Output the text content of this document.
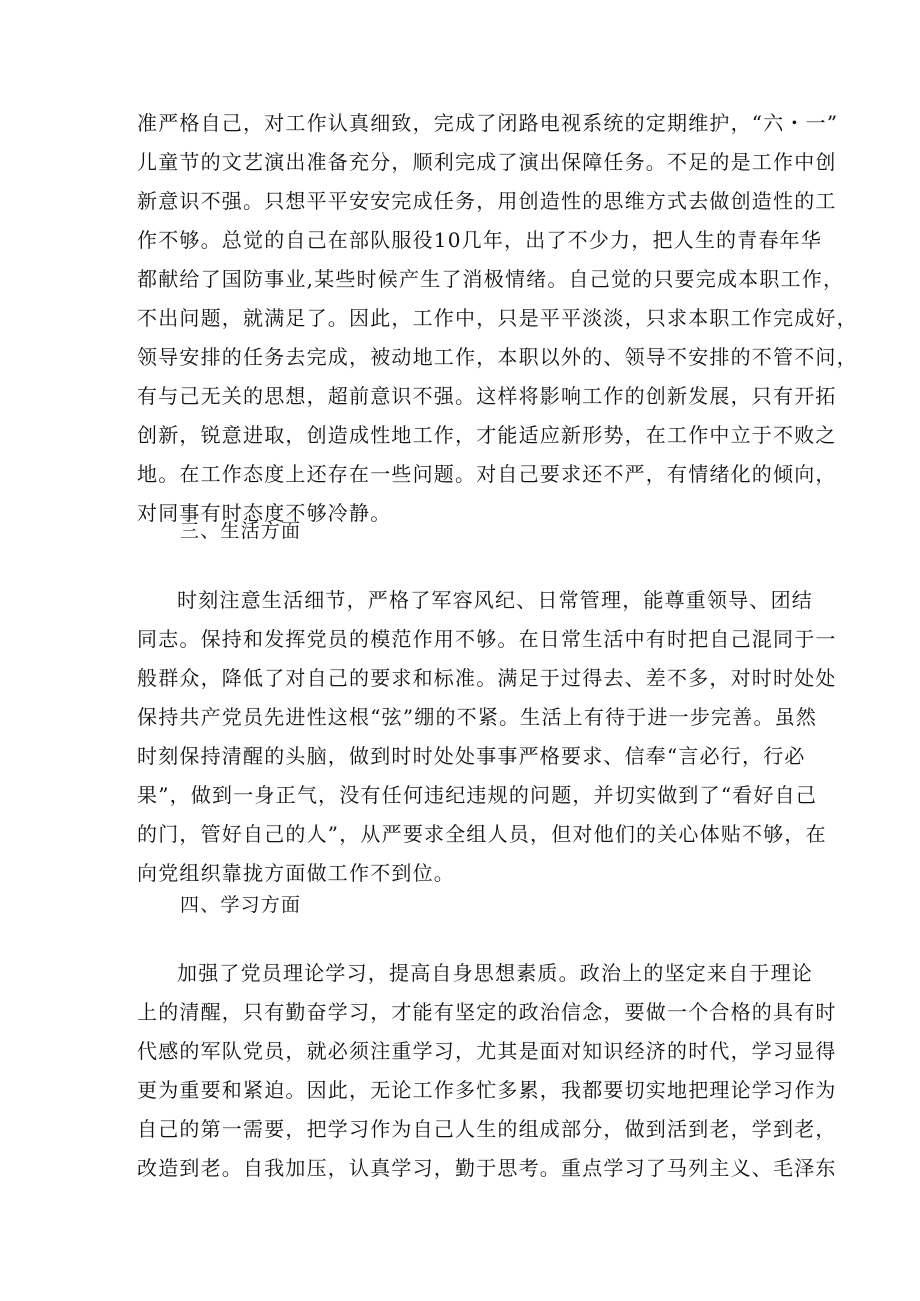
准严格自己，对工作认真细致，完成了闭路电视系统的定期维护，“六・一”
儿童节的文艺演出准备充分，顺利完成了演出保障任务。不足的是工作中创
新意识不强。只想平平安安完成任务，用创造性的思维方式去做创造性的工
作不够。总觉的自己在部队服役10几年，出了不少力，把人生的青春年华
都献给了国防事业,某些时候产生了消极情绪。自己觉的只要完成本职工作，
不出问题，就满足了。因此，工作中，只是平平淡淡，只求本职工作完成好，
领导安排的任务去完成，被动地工作，本职以外的、领导不安排的不管不问，
有与己无关的思想，超前意识不强。这样将影响工作的创新发展，只有开拓
创新，锐意进取，创造成性地工作，才能适应新形势，在工作中立于不败之
地。在工作态度上还存在一些问题。对自己要求还不严，有情绪化的倾向，
对同事有时态度不够冷静。
三、生活方面
时刻注意生活细节，严格了军容风纪、日常管理，能尊重领导、团结
同志。保持和发挥党员的模范作用不够。在日常生活中有时把自己混同于一
般群众，降低了对自己的要求和标准。满足于过得去、差不多，对时时处处
保持共产党员先进性这根“弦”绷的不紧。生活上有待于进一步完善。虽然
时刻保持清醒的头脑，做到时时处处事事严格要求、信奉“言必行，行必
果”，做到一身正气，没有任何违纪违规的问题，并切实做到了“看好自己
的门，管好自己的人”，从严要求全组人员，但对他们的关心体贴不够，在
向党组织靠拢方面做工作不到位。
四、学习方面
加强了党员理论学习，提高自身思想素质。政治上的坚定来自于理论
上的清醒，只有勤奋学习，才能有坚定的政治信念，要做一个合格的具有时
代感的军队党员，就必须注重学习，尤其是面对知识经济的时代，学习显得
更为重要和紧迫。因此，无论工作多忙多累，我都要切实地把理论学习作为
自己的第一需要，把学习作为自己人生的组成部分，做到活到老，学到老，
改造到老。自我加压，认真学习，勤于思考。重点学习了马列主义、毛泽东
